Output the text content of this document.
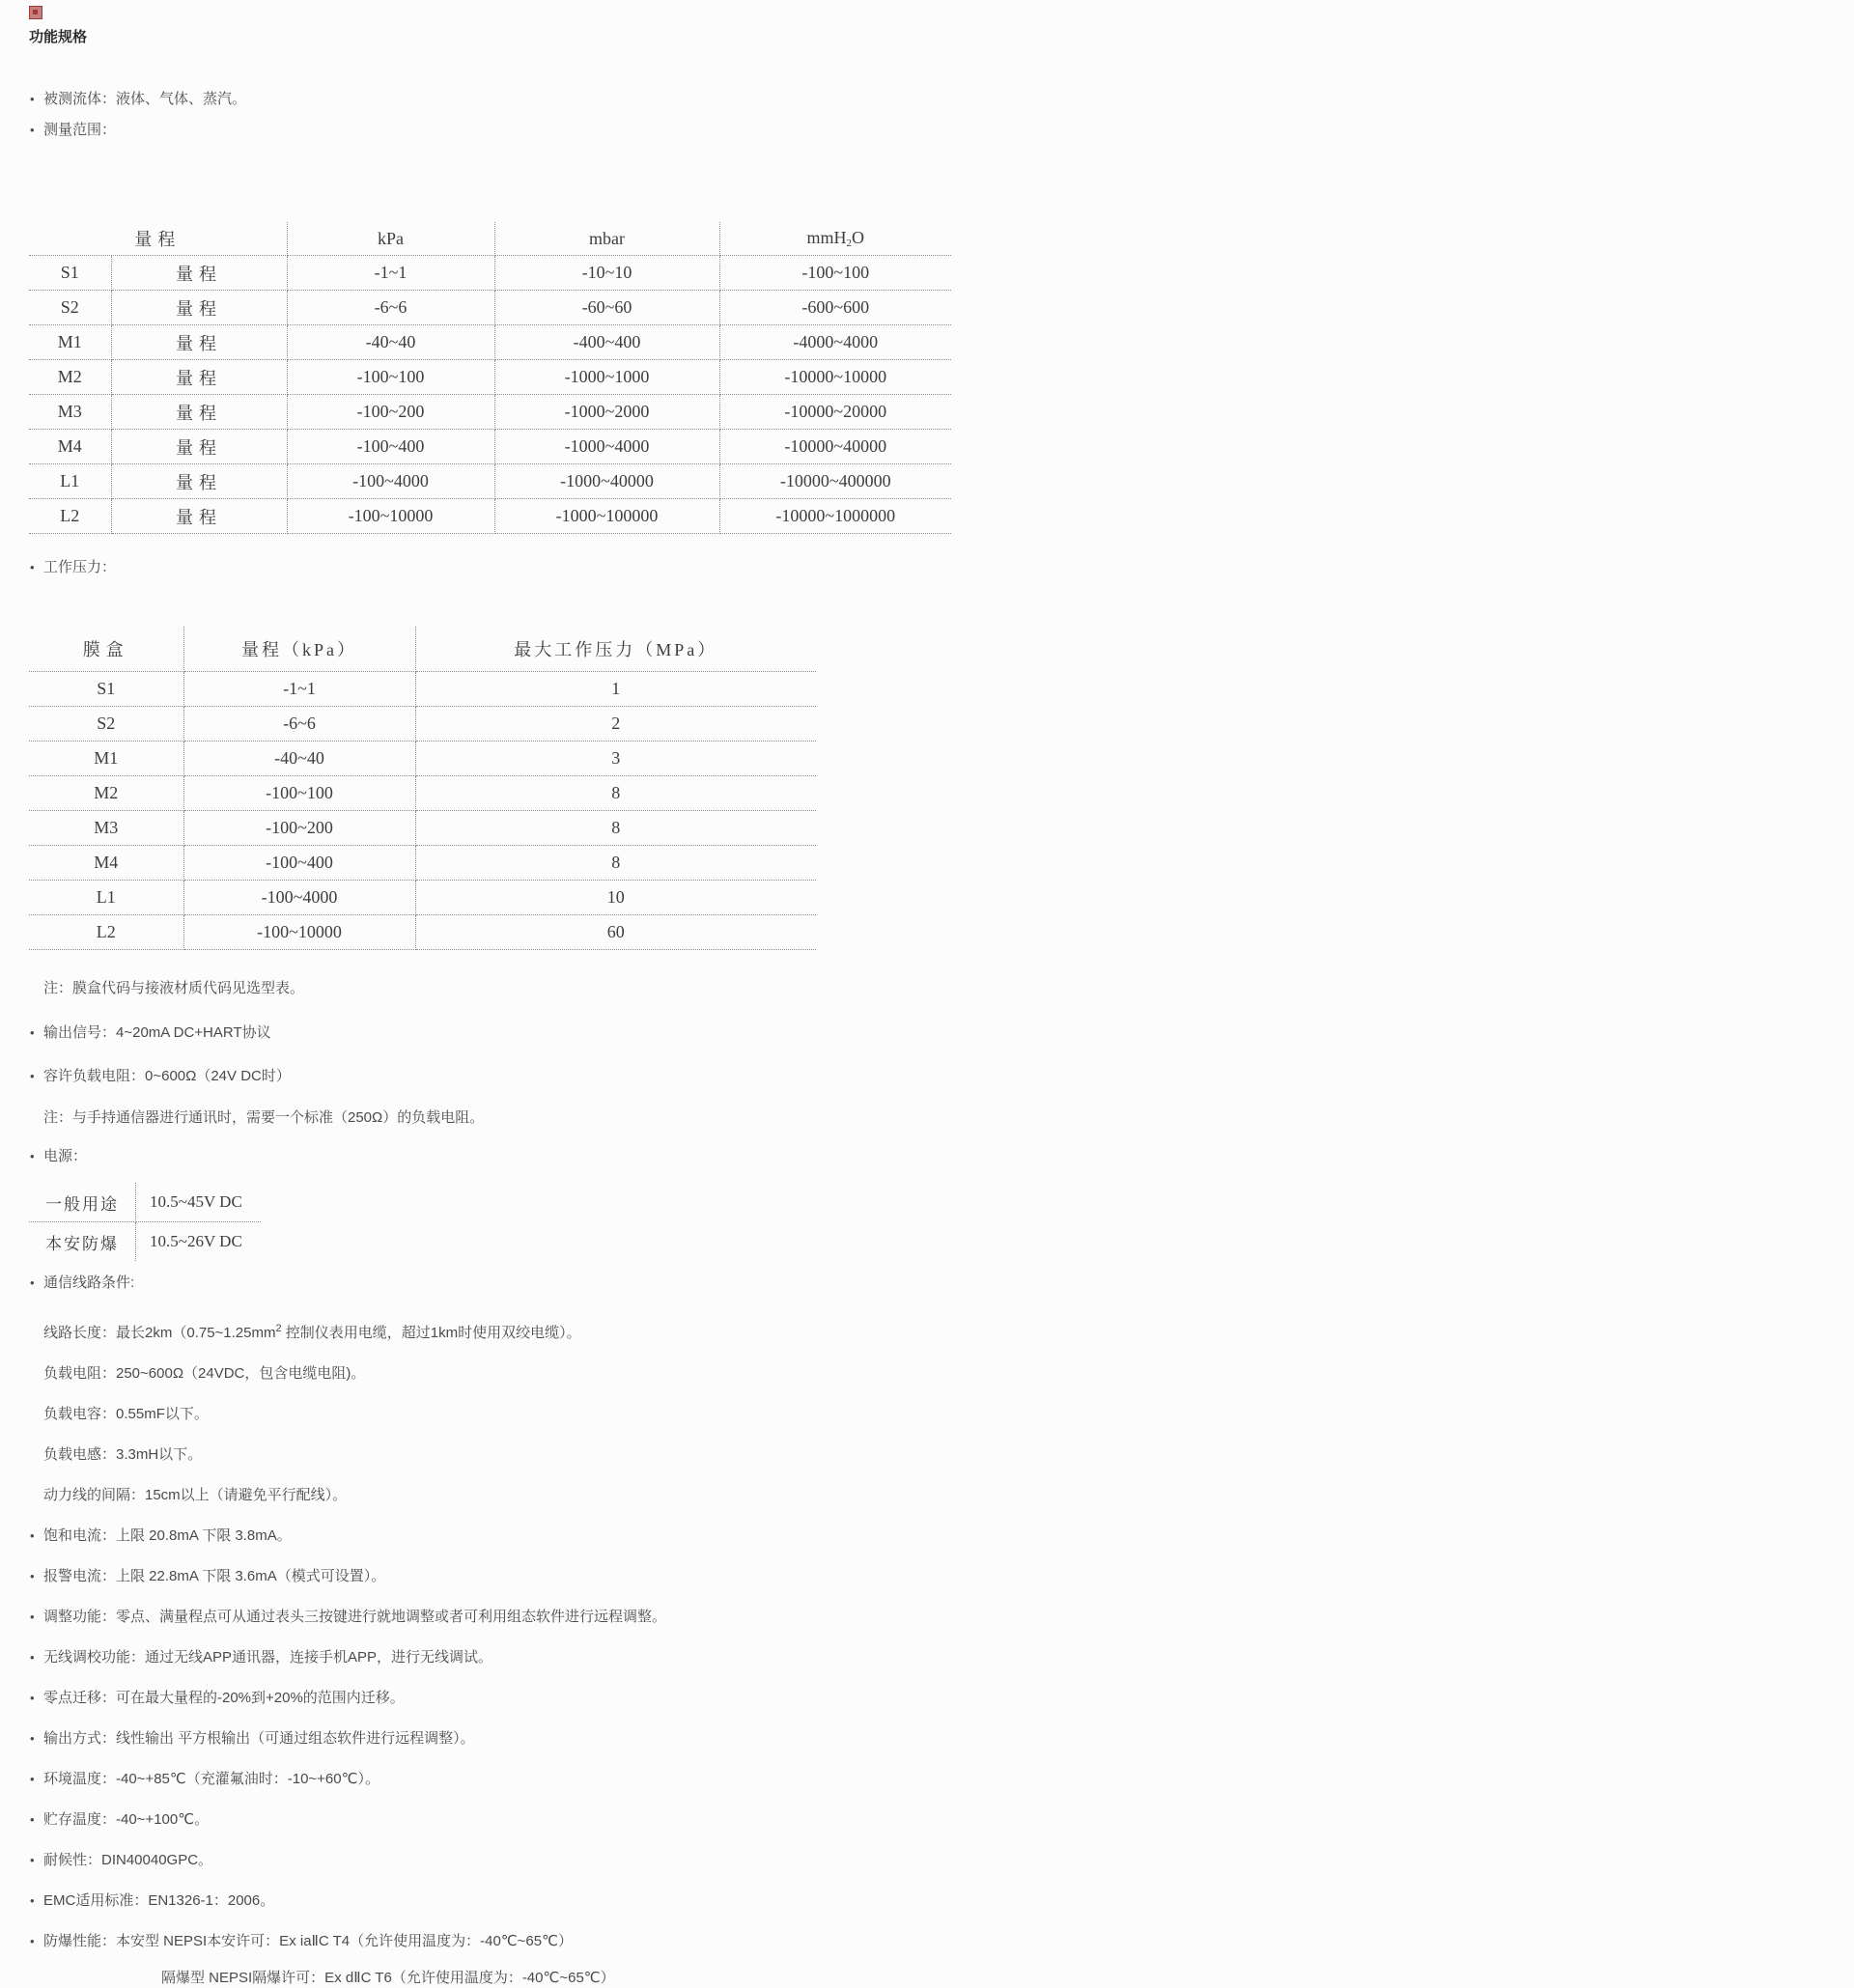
功能规格
• 被测流体：液体、气体、蒸汽。
• 测量范围：
量程		kPa	mbar	mmH2O
S1	量程	-1~1	-10~10	-100~100
S2	量程	-6~6	-60~60	-600~600
M1	量程	-40~40	-400~400	-4000~4000
M2	量程	-100~100	-1000~1000	-10000~10000
M3	量程	-100~200	-1000~2000	-10000~20000
M4	量程	-100~400	-1000~4000	-10000~40000
L1	量程	-100~4000	-1000~40000	-10000~400000
L2	量程	-100~10000	-1000~100000	-10000~1000000
• 工作压力：
膜盒	量程（kPa）	最大工作压力（MPa）
S1	-1~1	1
S2	-6~6	2
M1	-40~40	3
M2	-100~100	8
M3	-100~200	8
M4	-100~400	8
L1	-100~4000	10
L2	-100~10000	60
注：膜盒代码与接液材质代码见选型表。
• 输出信号：4~20mA DC+HART协议
• 容许负载电阻：0~600Ω（24V DC时）
注：与手持通信器进行通讯时，需要一个标准（250Ω）的负载电阻。
• 电源：
一般用途	10.5~45V DC
本安防爆	10.5~26V DC
• 通信线路条件:
线路长度：最长$2km(0.75\sim 1.25mm^2$ 控制仪表用电缆，超过1km时使用双绞电缆）。
负载电阻：250~600Ω（24VDC，包含电缆电阻)。
负载电容：0.55mF以下。
负载电感：3.3mH以下。
动力线的间隔：15cm以上（请避免平行配线）。
• 饱和电流：上限 20.8mA 下限 3.8mA。
• 报警电流：上限 22.8mA 下限 3.6mA（模式可设置）。
• 调整功能：零点、满量程点可从通过表头三按键进行就地调整或者可利用组态软件进行远程调整。
• 无线调校功能：通过无线APP通讯器，连接手机APP，进行无线调试。
• 零点迁移：可在最大量程的-20%到+20%的范围内迁移。
• 输出方式：线性输出 平方根输出（可通过组态软件进行远程调整）。
• 环境温度：-40~+85℃（充灌氟油时：-10~+60℃）。
• 贮存温度：-40~+100℃。
• 耐候性：DIN40040GPC。
• EMC适用标准：EN1326-1：2006。
• 防爆性能：本安型 NEPSI本安许可：Ex iaⅡC T4（允许使用温度为：-40℃~65℃）
隔爆型 NEPSI隔爆许可：Ex dⅡC T6（允许使用温度为：-40℃~65℃）
